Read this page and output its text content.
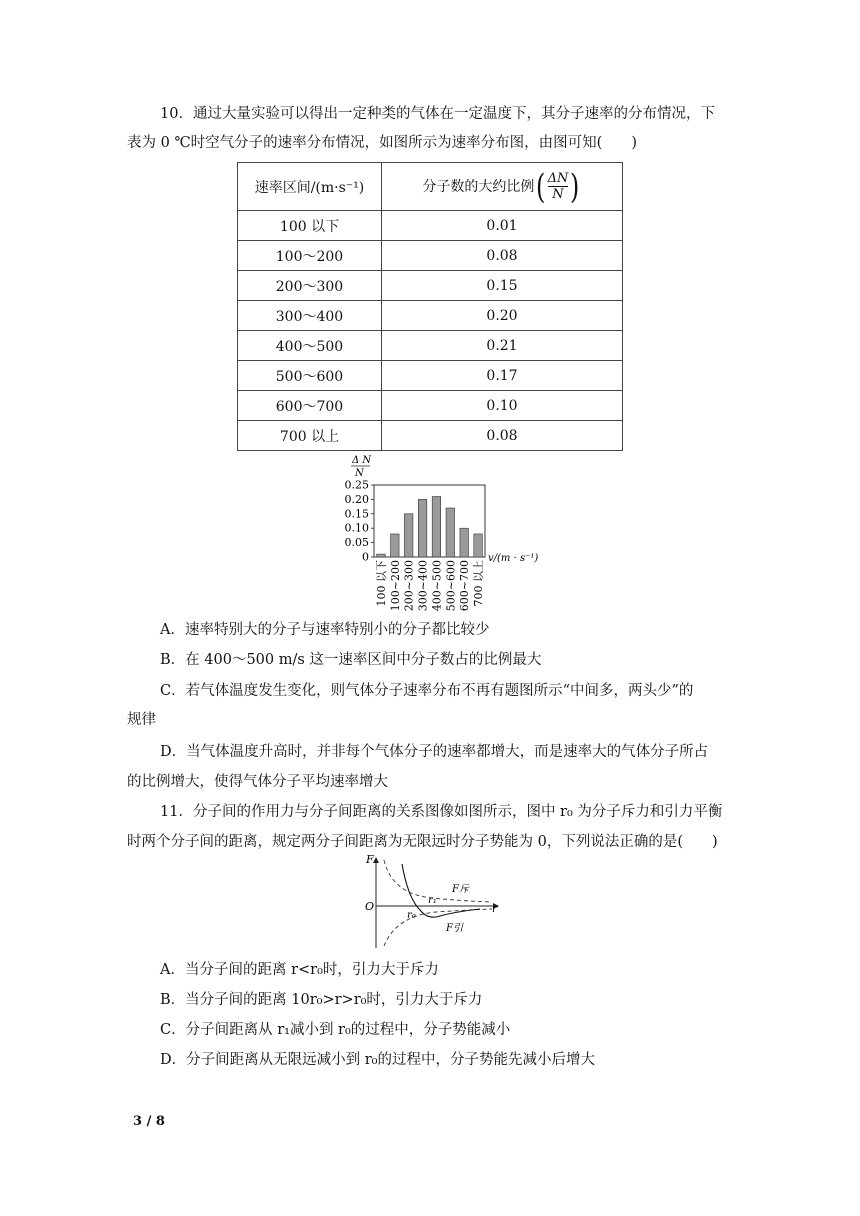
10．通过大量实验可以得出一定种类的气体在一定温度下，其分子速率的分布情况，下
表为 0 ℃时空气分子的速率分布情况，如图所示为速率分布图，由图可知(　　)
速率区间/(m·s⁻¹)	分子数的大约比例 ( ΔN
N )

100 以下	0.01
100～200	0.08
200～300	0.15
300～400	0.20
400～500	0.21
500～600	0.17
600～700	0.10
700 以上	0.08
Δ N
N
0
0.05
0.10
0.15
0.20
0.25
100 以下 100~200 200~300 300~400 400~500 500~600 600~700 700 以上
v/(m · s⁻¹)
A．速率特别大的分子与速率特别小的分子都比较少
B．在 400～500 m/s 这一速率区间中分子数占的比例最大
C．若气体温度发生变化，则气体分子速率分布不再有题图所示“中间多，两头少”的
规律
D．当气体温度升高时，并非每个气体分子的速率都增大，而是速率大的气体分子所占
的比例增大，使得气体分子平均速率增大
11．分子间的作用力与分子间距离的关系图像如图所示，图中 r₀ 为分子斥力和引力平衡
时两个分子间的距离，规定两分子间距离为无限远时分子势能为 0，下列说法正确的是(　　)
F
O	r
r₀
r₁
F斥
F引
A．当分子间的距离 r<r₀时，引力大于斥力
B．当分子间的距离 10r₀>r>r₀时，引力大于斥力
C．分子间距离从 r₁减小到 r₀的过程中，分子势能减小
D．分子间距离从无限远减小到 r₀的过程中，分子势能先减小后增大
3 / 8
